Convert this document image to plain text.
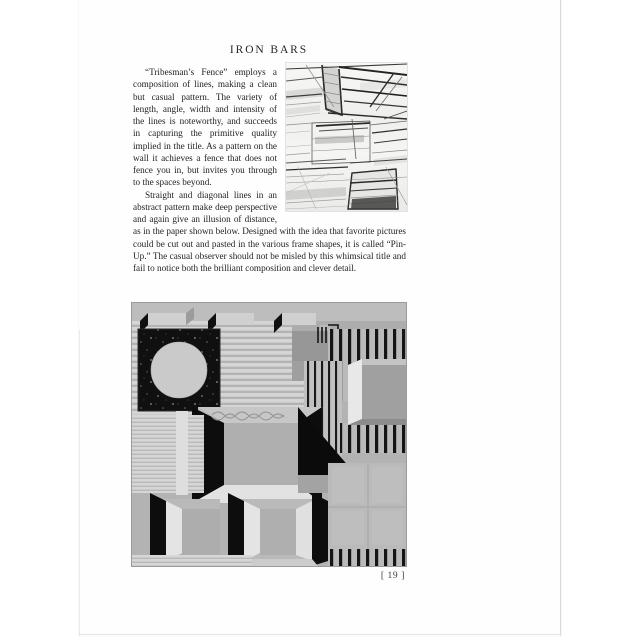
IRON BARS

“Tribesman’s Fence” employs a composition of lines, making a clean but casual pattern. The variety of length, angle, width and intensity of the lines is noteworthy, and succeeds in capturing the primitive quality implied in the title. As a pattern on the wall it achieves a fence that does not fence you in, but invites you through to the spaces beyond.

Straight and diagonal lines in an abstract pattern make deep perspective and again give an illusion of distance, as in the paper shown below. Designed with the idea that favorite pictures could be cut out and pasted in the various frame shapes, it is called “Pin-Up.” The casual observer should not be misled by this whimsical title and fail to notice both the brilliant composition and clever detail.

[ 19 ]
